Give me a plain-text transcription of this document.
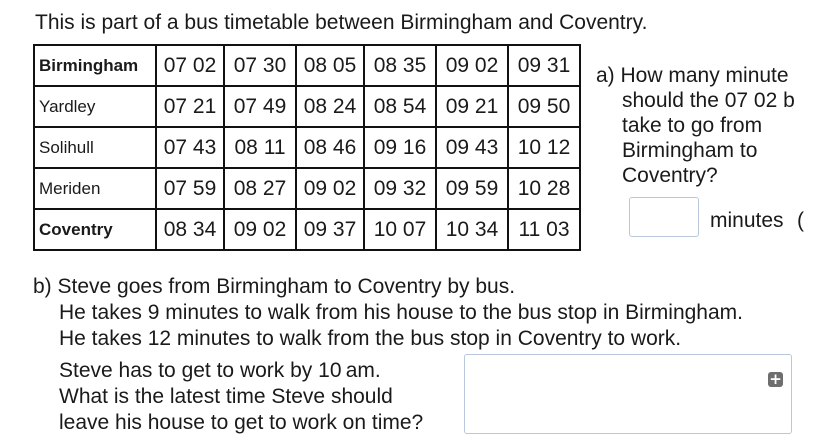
This is part of a bus timetable between Birmingham and Coventry.
Birmingham	07 02	07 30	08 05	08 35	09 02	09 31
Yardley	07 21	07 49	08 24	08 54	09 21	09 50
Solihull	07 43	08 11	08 46	09 16	09 43	10 12
Meriden	07 59	08 27	09 02	09 32	09 59	10 28
Coventry	08 34	09 02	09 37	10 07	10 34	11 03
a) How many minute
should the 07 02 b
take to go from
Birmingham to
Coventry?
minutes (
b) Steve goes from Birmingham to Coventry by bus.
He takes 9 minutes to walk from his house to the bus stop in Birmingham.
He takes 12 minutes to walk from the bus stop in Coventry to work.
Steve has to get to work by 10 am.
What is the latest time Steve should
leave his house to get to work on time?
+
